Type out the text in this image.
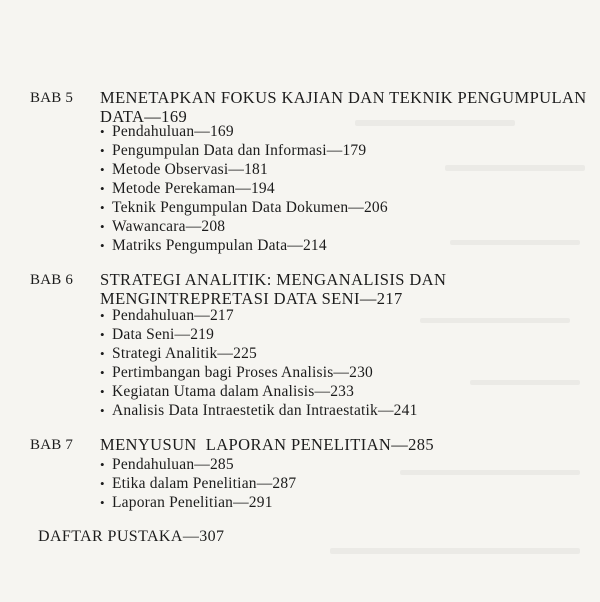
BAB 5 MENETAPKAN FOKUS KAJIAN DAN TEKNIK PENGUMPULAN
DATA—169
• Pendahuluan—169
• Pengumpulan Data dan Informasi—179
• Metode Observasi—181
• Metode Perekaman—194
• Teknik Pengumpulan Data Dokumen—206
• Wawancara—208
• Matriks Pengumpulan Data—214
BAB 6 STRATEGI ANALITIK: MENGANALISIS DAN
MENGINTREPRETASI DATA SENI—217
• Pendahuluan—217
• Data Seni—219
• Strategi Analitik—225
• Pertimbangan bagi Proses Analisis—230
• Kegiatan Utama dalam Analisis—233
• Analisis Data Intraestetik dan Intraestatik—241
BAB 7 MENYUSUN  LAPORAN PENELITIAN—285
• Pendahuluan—285
• Etika dalam Penelitian—287
• Laporan Penelitian—291
DAFTAR PUSTAKA—307
